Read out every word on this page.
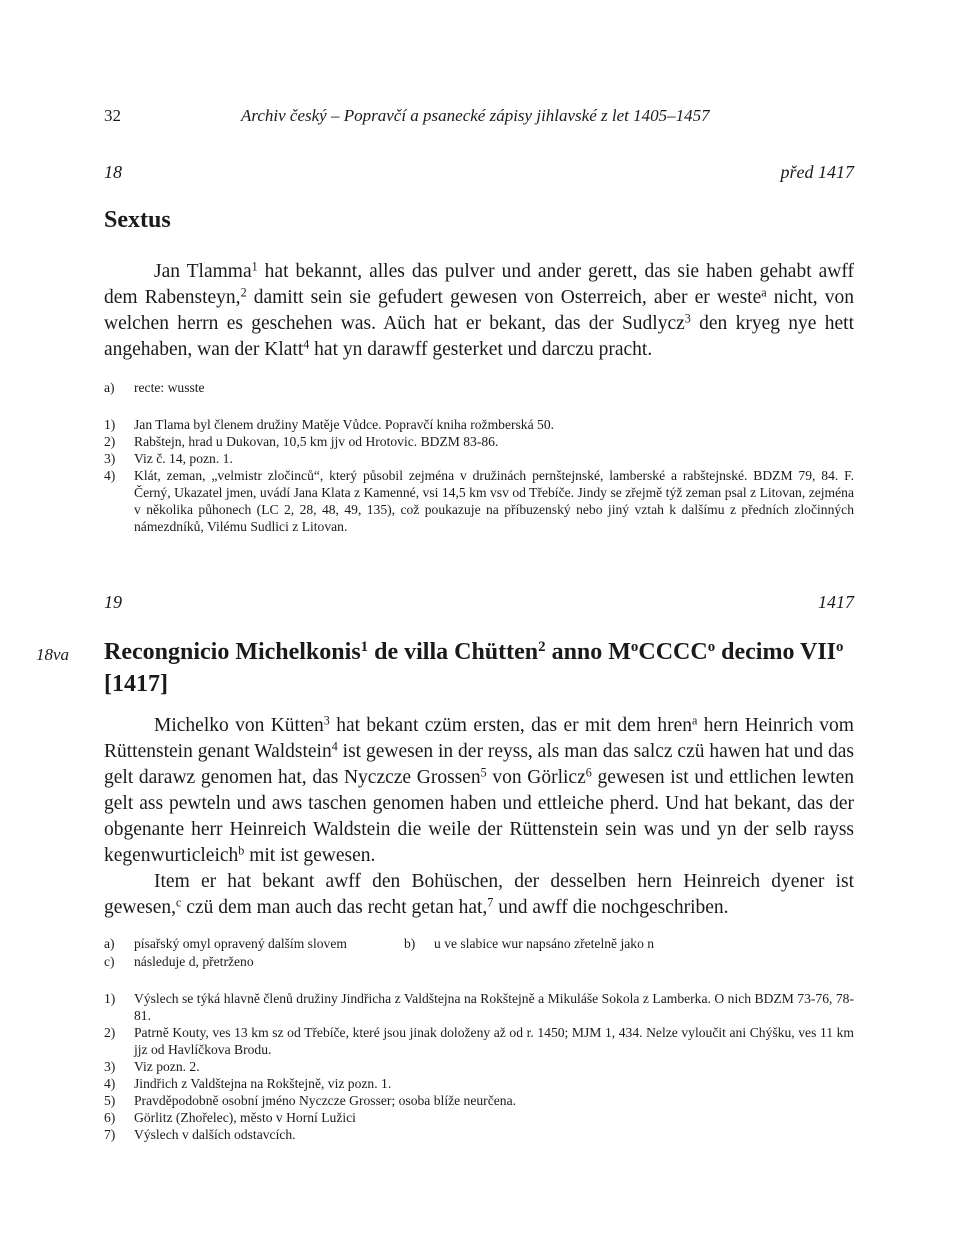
32	Archiv český – Popravčí a psanecké zápisy jihlavské z let 1405–1457
18	před 1417
Sextus

Jan Tlamma$^1$ hat bekannt, alles das pulver und ander gerett, das sie haben gehabt awff dem Rabensteyn,$^2$ damitt sein sie gefudert gewesen von Osterreich, aber er weste$^a$ nicht, von welchen herrn es geschehen was. Aüch hat er bekant, das der Sudlycz$^3$ den kryeg nye hett angehaben, wan der Klatt$^4$ hat yn darawff gesterket und darczu pracht.

a)	recte: wusste
1)	Jan Tlama byl členem družiny Matěje Vůdce. Popravčí kniha rožmberská 50.
2)	Rabštejn, hrad u Dukovan, 10,5 km jjv od Hrotovic. BDZM 83-86.
3)	Viz č. 14, pozn. 1.
4)	Klát, zeman, „velmistr zločinců“, který působil zejména v družinách pernštejnské, lamberské a rabštejnské. BDZM 79, 84. F. Černý, Ukazatel jmen, uvádí Jana Klata z Kamenné, vsi 14,5 km vsv od Třebíče. Jindy se zřejmě týž zeman psal z Litovan, zejména v několika půhonech (LC 2, 28, 48, 49, 135), což poukazuje na příbuzenský nebo jiný vztah k dalšímu z předních zločinných námezdníků, Vilému Sudlici z Litovan.
19	1417
18va Recongnicio Michelkonis$^1$ de villa Chütten$^2$ anno $M^oCCCC^o$ decimo VII$^o$
[1417]

Michelko von Kütten$^3$ hat bekant czüm ersten, das er mit dem hren$^a$ hern Heinrich vom Rüttenstein genant Waldstein$^4$ ist gewesen in der reyss, als man das salcz czü hawen hat und das gelt darawz genomen hat, das Nyczcze Grossen$^5$ von Görlicz$^6$ gewesen ist und ettlichen lewten gelt ass pewteln und aws taschen genomen haben und ettleiche pherd. Und hat bekant, das der obgenante herr Heinreich Waldstein die weile der Rüttenstein sein was und yn der selb rayss kegenwurticleich$^b$ mit ist gewesen.

Item er hat bekant awff den Bohüschen, der desselben hern Heinreich dyener ist gewesen,$^c$ czü dem man auch das recht getan hat,$^7$ und awff die nochgeschriben.

a)	písařský omyl opravený dalším slovem	b)	u ve slabice wur napsáno zřetelně jako n
c)	následuje d, přetrženo
1)	Výslech se týká hlavně členů družiny Jindřicha z Valdštejna na Rokštejně a Mikuláše Sokola z Lamberka. O nich BDZM 73-76, 78-81.
2)	Patrně Kouty, ves 13 km sz od Třebíče, které jsou jinak doloženy až od r. 1450; MJM 1, 434. Nelze vyloučit ani Chýšku, ves 11 km jjz od Havlíčkova Brodu.
3)	Viz pozn. 2.
4)	Jindřich z Valdštejna na Rokštejně, viz pozn. 1.
5)	Pravděpodobně osobní jméno Nyczcze Grosser; osoba blíže neurčena.
6)	Görlitz (Zhořelec), město v Horní Lužici
7)	Výslech v dalších odstavcích.
